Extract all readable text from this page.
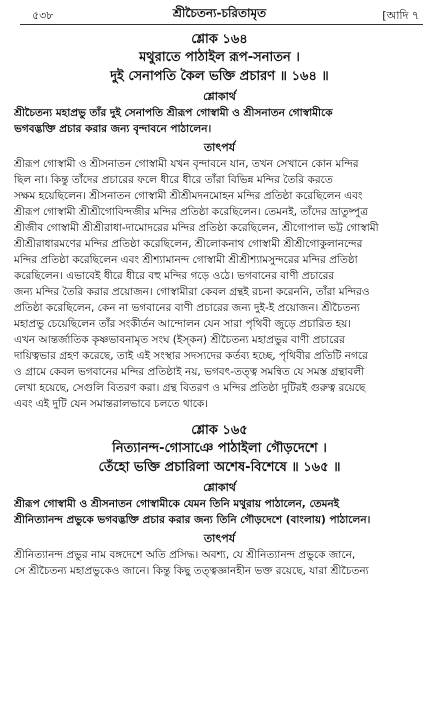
৫৩৮	শ্রীচৈতন্য-চরিতামৃত	[আদি ৭
শ্লোক ১৬৪
মথুরাতে পাঠাইল রূপ-সনাতন ।
দুই সেনাপতি কৈল ভক্তি প্রচারণ ॥ ১৬৪ ॥
শ্লোকার্থ
শ্রীচৈতন্য মহাপ্রভু তাঁর দুই সেনাপতি শ্রীরূপ গোস্বামী ও শ্রীসনাতন গোস্বামীকে
ভগবদ্ভক্তি প্রচার করার জন্য বৃন্দাবনে পাঠালেন।
তাৎপর্য
শ্রীরূপ গোস্বামী ও শ্রীসনাতন গোস্বামী যখন বৃন্দাবনে যান, তখন সেখানে কোন মন্দির
ছিল না। কিন্তু তাঁদের প্রচারের ফলে ধীরে ধীরে তাঁরা বিভিন্ন মন্দির তৈরি করতে
সক্ষম হয়েছিলেন। শ্রীসনাতন গোস্বামী শ্রীশ্রীমদনমোহন মন্দির প্রতিষ্ঠা করেছিলেন এবং
শ্রীরূপ গোস্বামী শ্রীশ্রীগোবিন্দজীর মন্দির প্রতিষ্ঠা করেছিলেন। তেমনই, তাঁদের ভ্রাতুষ্পুত্র
শ্রীজীব গোস্বামী শ্রীশ্রীরাধা-দামোদরের মন্দির প্রতিষ্ঠা করেছিলেন, শ্রীগোপাল ভট্ট গোস্বামী
শ্রীশ্রীরাধারমণের মন্দির প্রতিষ্ঠা করেছিলেন, শ্রীলোকনাথ গোস্বামী শ্রীশ্রীগোকুলানন্দের
মন্দির প্রতিষ্ঠা করেছিলেন এবং শ্রীশ্যামানন্দ গোস্বামী শ্রীশ্রীশ্যামসুন্দরের মন্দির প্রতিষ্ঠা
করেছিলেন। এভাবেই ধীরে ধীরে বহু মন্দির গড়ে ওঠে। ভগবানের বাণী প্রচারের
জন্য মন্দির তৈরি করার প্রয়োজন। গোস্বামীরা কেবল গ্রন্থই রচনা করেননি, তাঁরা মন্দিরও
প্রতিষ্ঠা করেছিলেন, কেন না ভগবানের বাণী প্রচারের জন্য দুই-ই প্রয়োজন। শ্রীচৈতন্য
মহাপ্রভু চেয়েছিলেন তাঁর সংকীর্তন আন্দোলন যেন সারা পৃথিবী জুড়ে প্রচারিত হয়।
এখন আন্তর্জাতিক কৃষ্ণভাবনামৃত সংঘ (ইস্‌কন) শ্রীচৈতন্য মহাপ্রভুর বাণী প্রচারের
দায়িত্বভার গ্রহণ করেছে, তাই এই সংস্থার সদস্যদের কর্তব্য হচ্ছে, পৃথিবীর প্রতিটি নগরে
ও গ্রামে কেবল ভগবানের মন্দির প্রতিষ্ঠাই নয়, ভগবৎ-তত্ত্ব সমন্বিত যে সমস্ত গ্রন্থাবলী
লেখা হয়েছে, সেগুলি বিতরণ করা। গ্রন্থ বিতরণ ও মন্দির প্রতিষ্ঠা দুটিরই গুরুত্ব রয়েছে
এবং এই দুটি যেন সমান্তরালভাবে চলতে থাকে।
শ্লোক ১৬৫
নিত্যানন্দ-গোসাঞে পাঠাইলা গৌড়দেশে ।
তেঁহো ভক্তি প্রচারিলা অশেষ-বিশেষে ॥ ১৬৫ ॥
শ্লোকার্থ
শ্রীরূপ গোস্বামী ও শ্রীসনাতন গোস্বামীকে যেমন তিনি মথুরায় পাঠালেন, তেমনই
শ্রীনিত্যানন্দ প্রভুকে ভগবদ্ভক্তি প্রচার করার জন্য তিনি গৌড়দেশে (বাংলায়) পাঠালেন।
তাৎপর্য
শ্রীনিত্যানন্দ প্রভুর নাম বঙ্গদেশে অতি প্রসিদ্ধ। অবশ্য, যে শ্রীনিত্যানন্দ প্রভুকে জানে,
সে শ্রীচৈতন্য মহাপ্রভুকেও জানে। কিন্তু কিছু তত্ত্বজ্ঞানহীন ভক্ত রয়েছে, যারা শ্রীচৈতন্য
